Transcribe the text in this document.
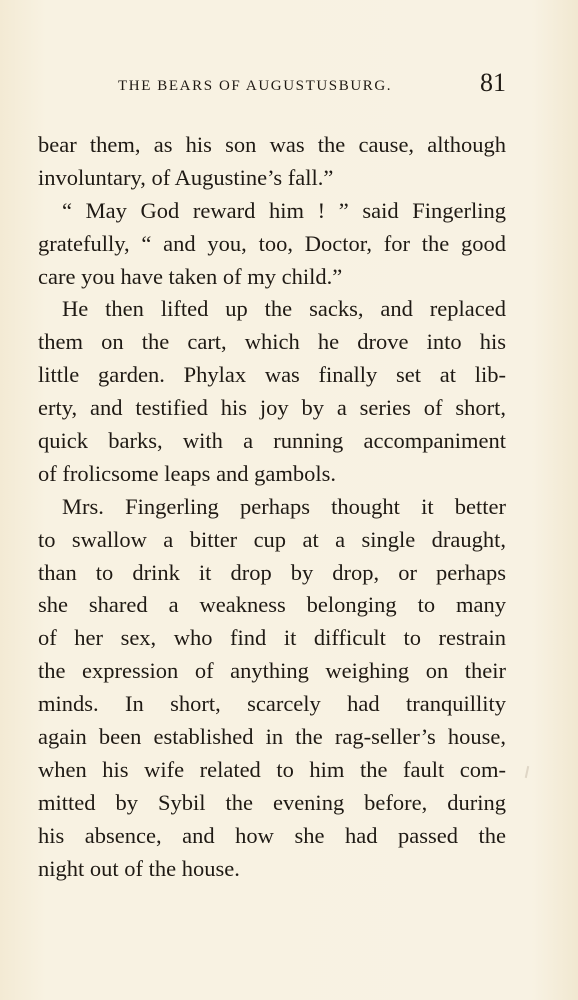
THE BEARS OF AUGUSTUSBURG.	81
bear them, as his son was the cause, although
involuntary, of Augustine’s fall.”
“ May God reward him ! ” said Fingerling
gratefully, “ and you, too, Doctor, for the good
care you have taken of my child.”
He then lifted up the sacks, and replaced
them on the cart, which he drove into his
little garden. Phylax was finally set at lib-
erty, and testified his joy by a series of short,
quick barks, with a running accompaniment
of frolicsome leaps and gambols.
Mrs. Fingerling perhaps thought it better
to swallow a bitter cup at a single draught,
than to drink it drop by drop, or perhaps
she shared a weakness belonging to many
of her sex, who find it difficult to restrain
the expression of anything weighing on their
minds. In short, scarcely had tranquillity
again been established in the rag-seller’s house,
when his wife related to him the fault com-
mitted by Sybil the evening before, during
his absence, and how she had passed the
night out of the house.
